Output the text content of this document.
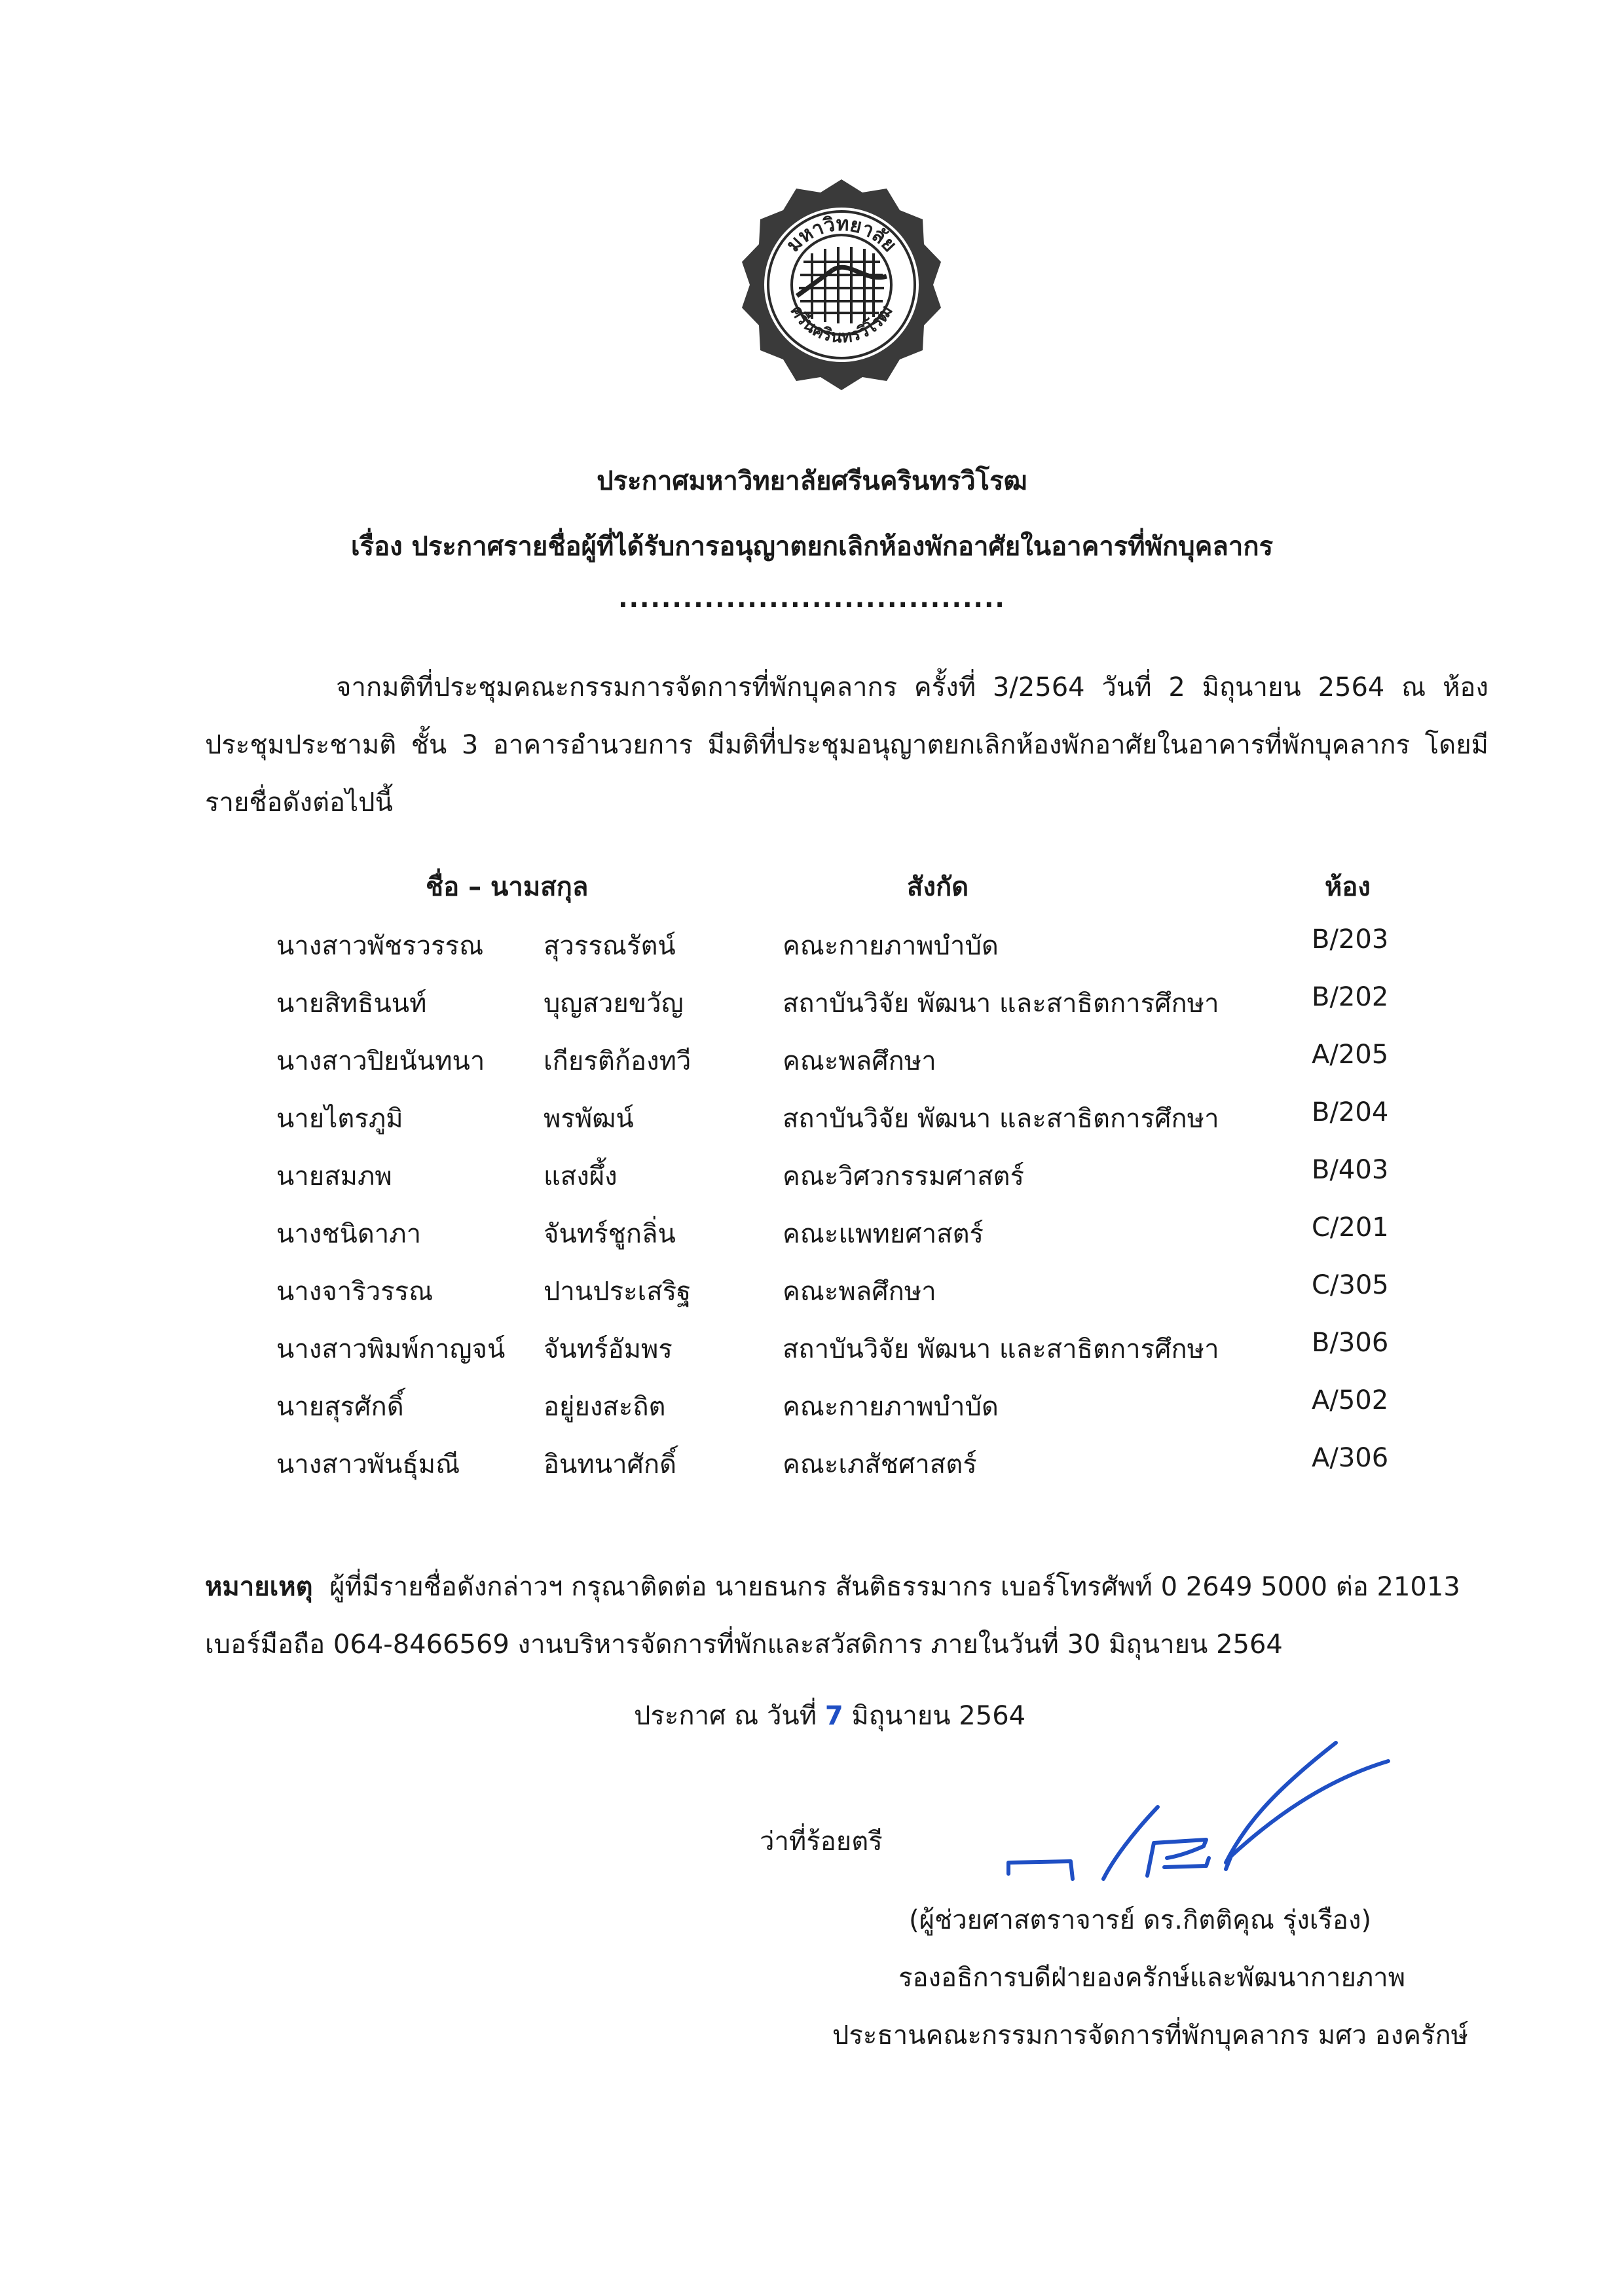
มหาวิทยาลัย
ศรีนครินทรวิโรฒ
ประกาศมหาวิทยาลัยศรีนครินทรวิโรฒ
เรื่อง ประกาศรายชื่อผู้ที่ได้รับการอนุญาตยกเลิกห้องพักอาศัยในอาคารที่พักบุคลากร
....................................
จากมติที่ประชุมคณะกรรมการจัดการที่พักบุคลากร ครั้งที่ 3/2564 วันที่ 2 มิถุนายน 2564 ณ ห้องประชุมประชามติ ชั้น 3 อาคารอำนวยการ มีมติที่ประชุมอนุญาตยกเลิกห้องพักอาศัยในอาคารที่พักบุคลากร โดยมีรายชื่อดังต่อไปนี้
ชื่อ – นามสกุล	สังกัด	ห้อง
นางสาวพัชรวรรณ สุวรรณรัตน์	คณะกายภาพบำบัด	B/203
นายสิทธินนท์	บุญสวยขวัญ	สถาบันวิจัย พัฒนา และสาธิตการศึกษา	B/202
นางสาวปิยนันทนา เกียรติก้องทวี	คณะพลศึกษา	A/205
นายไตรภูมิ	พรพัฒน์	สถาบันวิจัย พัฒนา และสาธิตการศึกษา	B/204
นายสมภพ	แสงผึ้ง	คณะวิศวกรรมศาสตร์	B/403
นางชนิดาภา	จันทร์ชูกลิ่น	คณะแพทยศาสตร์	C/201
นางจาริวรรณ	ปานประเสริฐ	คณะพลศึกษา	C/305
นางสาวพิมพ์กาญจน์ จันทร์อัมพร	สถาบันวิจัย พัฒนา และสาธิตการศึกษา	B/306
นายสุรศักดิ์	อยู่ยงสะถิต	คณะกายภาพบำบัด	A/502
นางสาวพันธุ์มณี	อินทนาศักดิ์	คณะเภสัชศาสตร์	A/306
หมายเหตุ ผู้ที่มีรายชื่อดังกล่าวฯ กรุณาติดต่อ นายธนกร สันติธรรมากร เบอร์โทรศัพท์ 0 2649 5000 ต่อ 21013 เบอร์มือถือ 064-8466569 งานบริหารจัดการที่พักและสวัสดิการ ภายในวันที่ 30 มิถุนายน 2564
ประกาศ ณ วันที่ 7 มิถุนายน 2564
ว่าที่ร้อยตรี
(ผู้ช่วยศาสตราจารย์ ดร.กิตติคุณ รุ่งเรือง)
รองอธิการบดีฝ่ายองครักษ์และพัฒนากายภาพ
ประธานคณะกรรมการจัดการที่พักบุคลากร มศว องครักษ์
